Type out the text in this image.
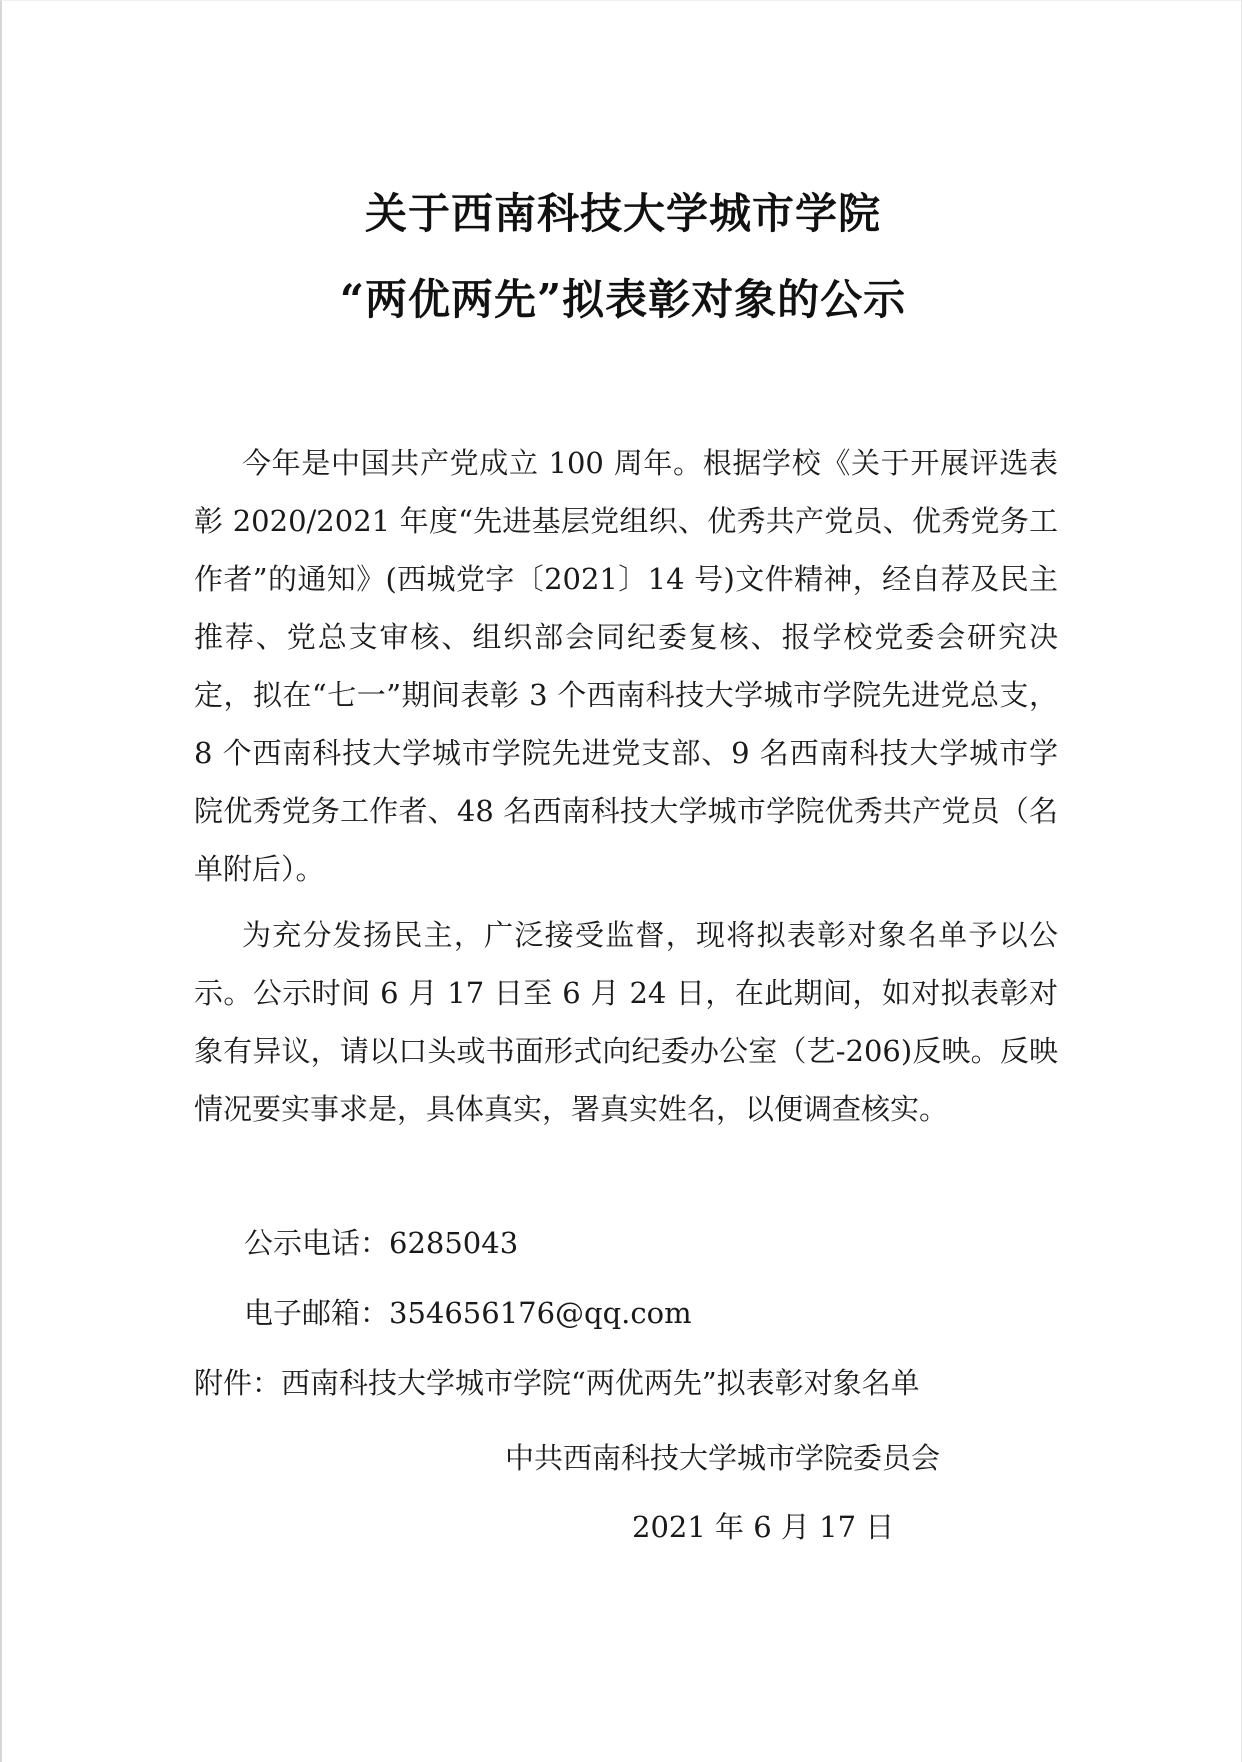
关于西南科技大学城市学院
“两优两先”拟表彰对象的公示

今年是中国共产党成立 100 周年。根据学校《关于开展评选表彰 2020/2021 年度“先进基层党组织、优秀共产党员、优秀党务工作者”的通知》(西城党字〔2021〕14 号)文件精神，经自荐及民主推荐、党总支审核、组织部会同纪委复核、报学校党委会研究决定，拟在“七一”期间表彰 3 个西南科技大学城市学院先进党总支，8 个西南科技大学城市学院先进党支部、9 名西南科技大学城市学院优秀党务工作者、48 名西南科技大学城市学院优秀共产党员（名单附后）。

为充分发扬民主，广泛接受监督，现将拟表彰对象名单予以公示。公示时间 6 月 17 日至 6 月 24 日，在此期间，如对拟表彰对象有异议，请以口头或书面形式向纪委办公室（艺-206)反映。反映情况要实事求是，具体真实，署真实姓名，以便调查核实。

公示电话：6285043
电子邮箱：354656176@qq.com
附件：西南科技大学城市学院“两优两先”拟表彰对象名单
中共西南科技大学城市学院委员会
2021 年 6 月 17 日
